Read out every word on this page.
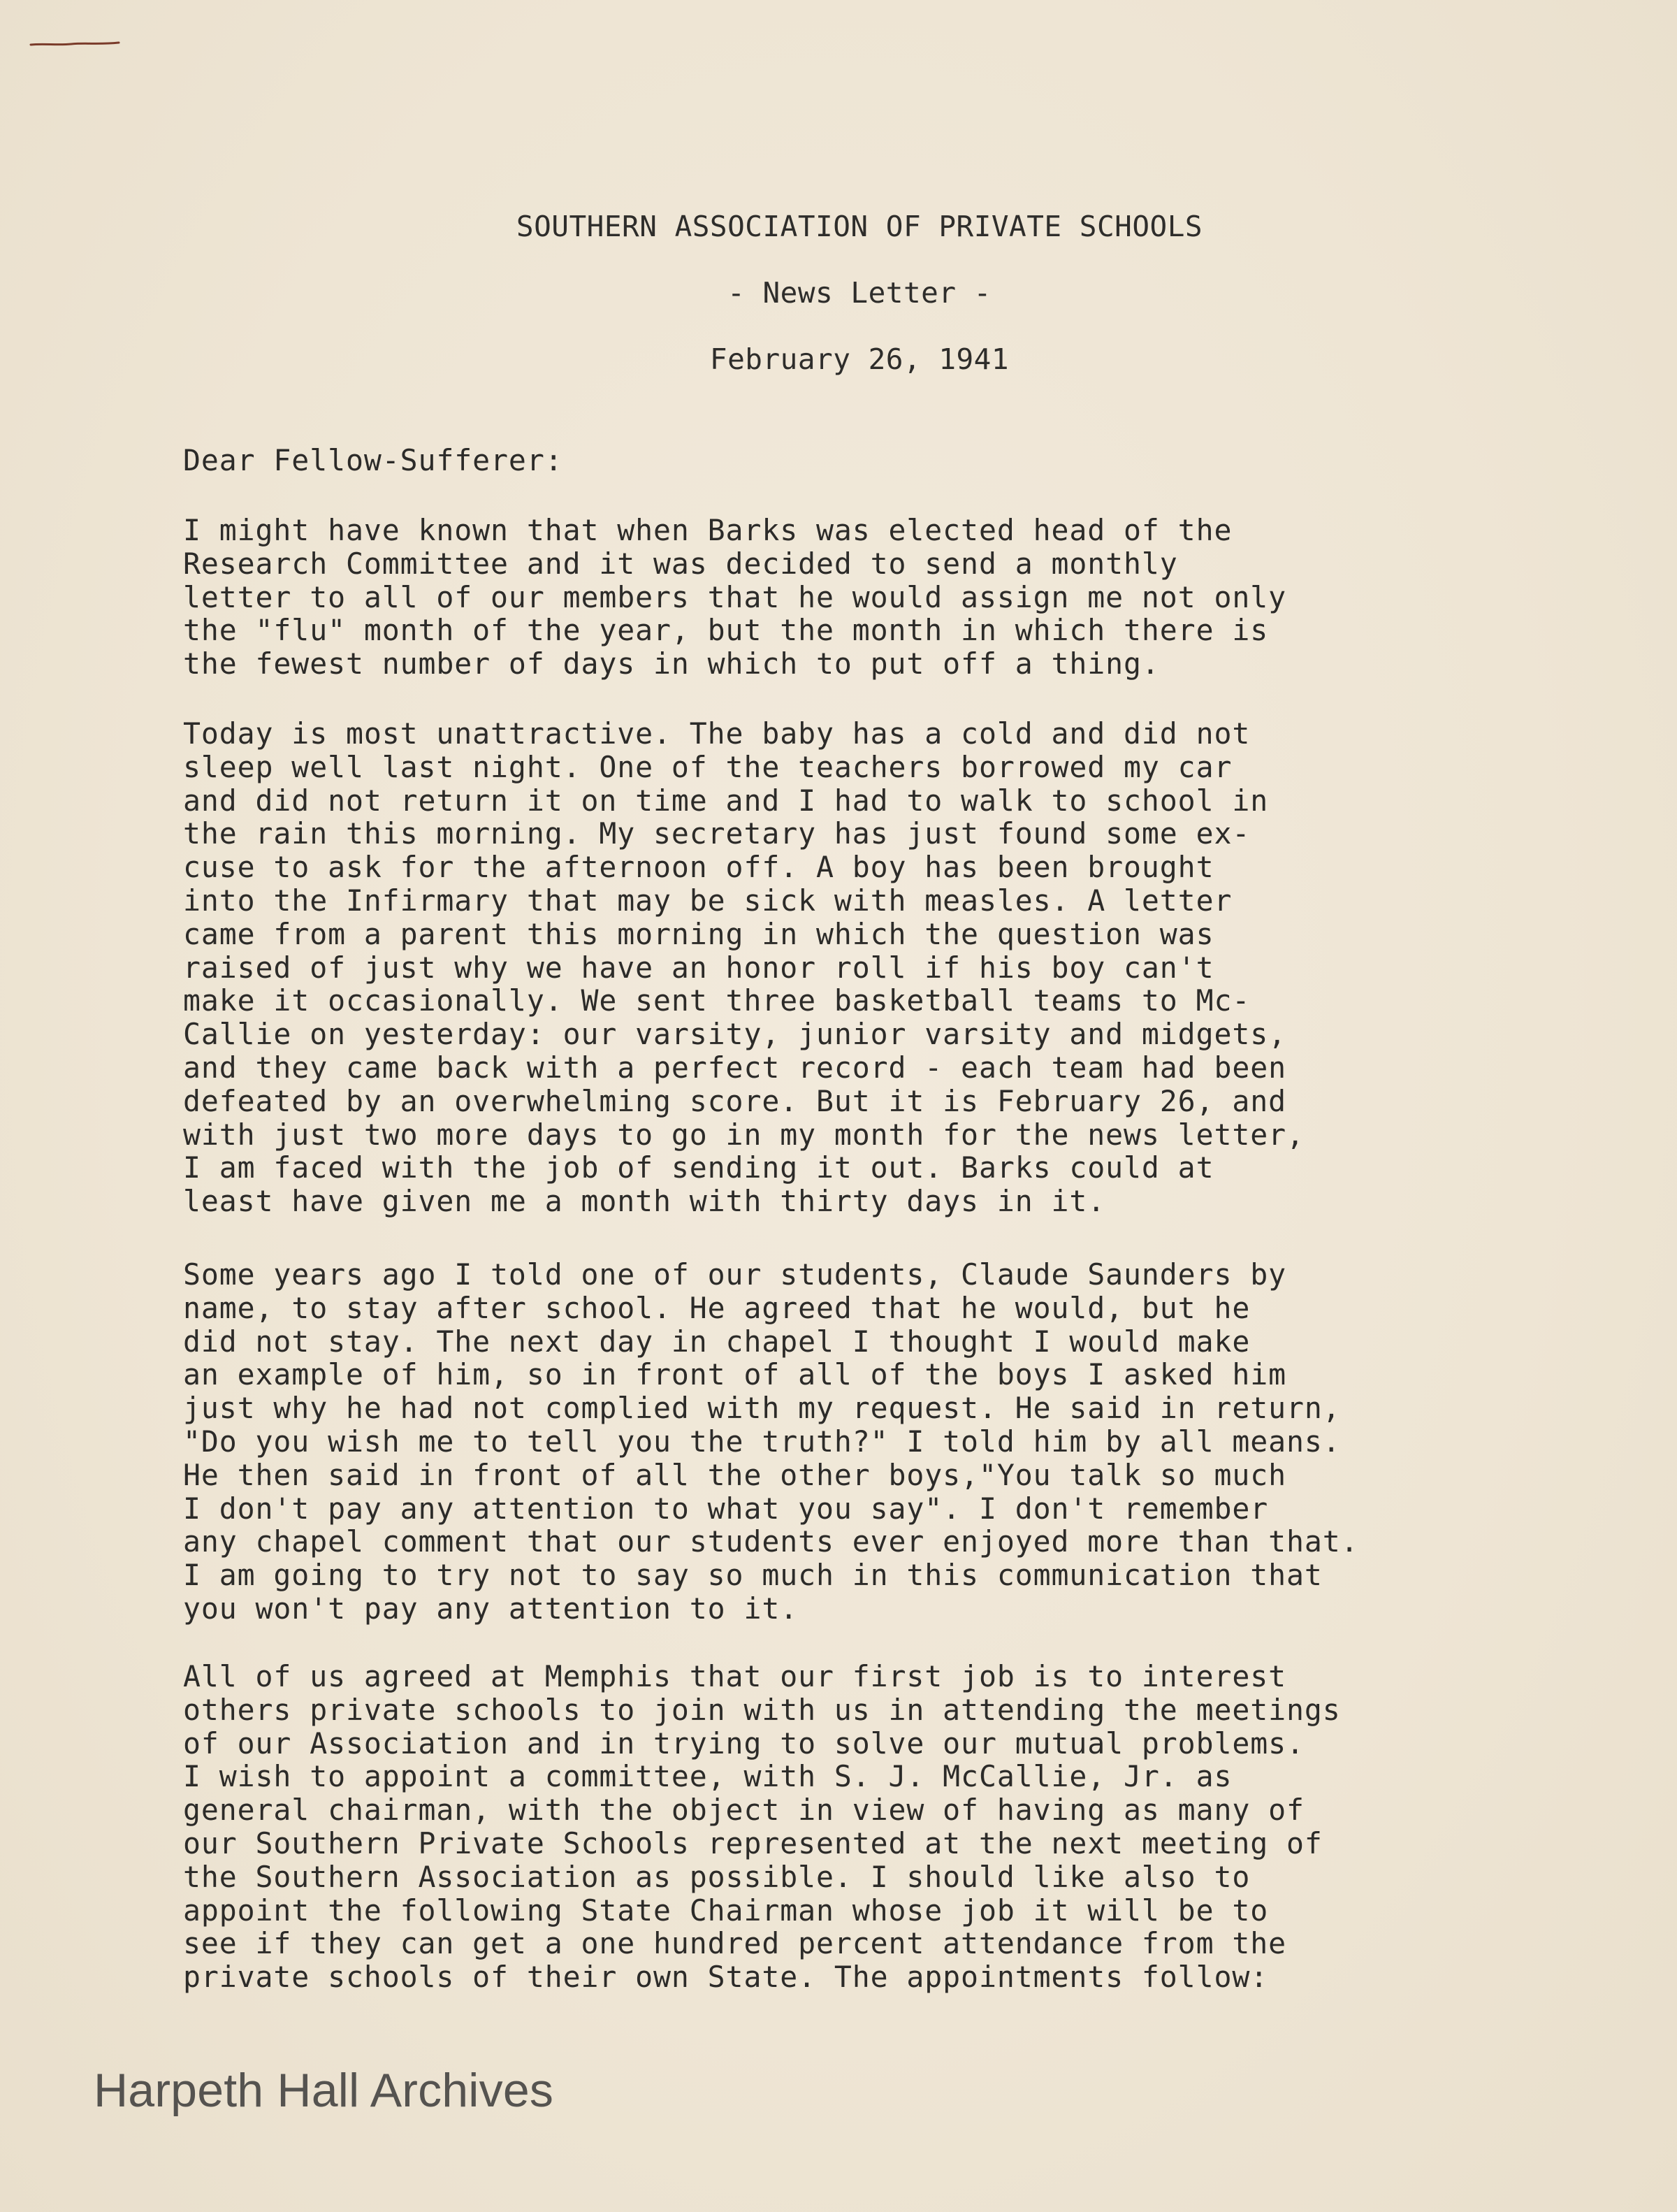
SOUTHERN ASSOCIATION OF PRIVATE SCHOOLS
- News Letter -
February 26, 1941
Dear Fellow-Sufferer:
I might have known that when Barks was elected head of the
Research Committee and it was decided to send a monthly
letter to all of our members that he would assign me not only
the "flu" month of the year, but the month in which there is
the fewest number of days in which to put off a thing.
Today is most unattractive. The baby has a cold and did not
sleep well last night. One of the teachers borrowed my car
and did not return it on time and I had to walk to school in
the rain this morning. My secretary has just found some ex-
cuse to ask for the afternoon off. A boy has been brought
into the Infirmary that may be sick with measles. A letter
came from a parent this morning in which the question was
raised of just why we have an honor roll if his boy can't
make it occasionally. We sent three basketball teams to Mc-
Callie on yesterday: our varsity, junior varsity and midgets,
and they came back with a perfect record - each team had been
defeated by an overwhelming score. But it is February 26, and
with just two more days to go in my month for the news letter,
I am faced with the job of sending it out. Barks could at
least have given me a month with thirty days in it.
Some years ago I told one of our students, Claude Saunders by
name, to stay after school. He agreed that he would, but he
did not stay. The next day in chapel I thought I would make
an example of him, so in front of all of the boys I asked him
just why he had not complied with my request. He said in return,
"Do you wish me to tell you the truth?" I told him by all means.
He then said in front of all the other boys,"You talk so much
I don't pay any attention to what you say". I don't remember
any chapel comment that our students ever enjoyed more than that.
I am going to try not to say so much in this communication that
you won't pay any attention to it.
All of us agreed at Memphis that our first job is to interest
others private schools to join with us in attending the meetings
of our Association and in trying to solve our mutual problems.
I wish to appoint a committee, with S. J. McCallie, Jr. as
general chairman, with the object in view of having as many of
our Southern Private Schools represented at the next meeting of
the Southern Association as possible. I should like also to
appoint the following State Chairman whose job it will be to
see if they can get a one hundred percent attendance from the
private schools of their own State. The appointments follow:
Harpeth Hall Archives
